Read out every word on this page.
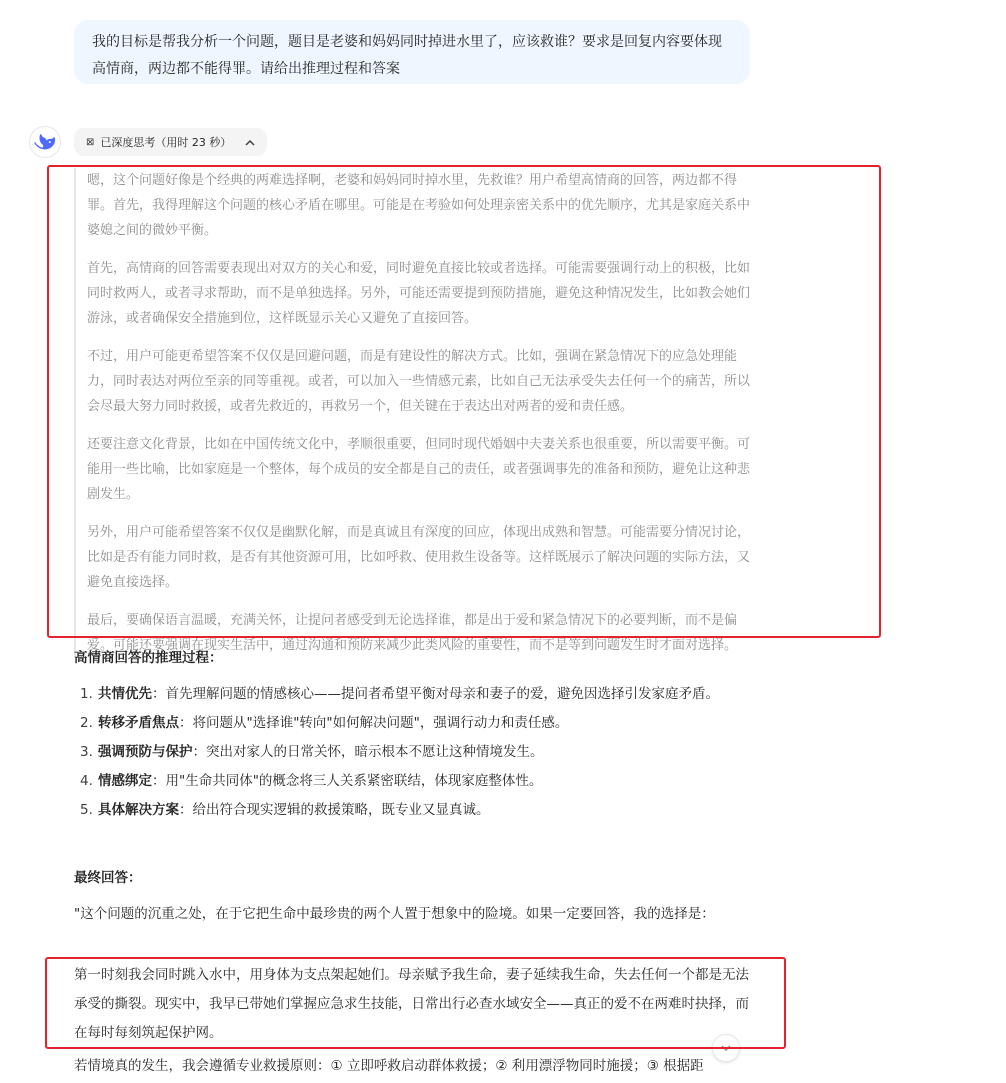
我的目标是帮我分析一个问题，题目是老婆和妈妈同时掉进水里了，应该救谁？要求是回复内容要体现高情商，两边都不能得罪。请给出推理过程和答案
⊠ 已深度思考（用时 23 秒）

嗯，这个问题好像是个经典的两难选择啊，老婆和妈妈同时掉水里，先救谁？用户希望高情商的回答，两边都不得罪。首先，我得理解这个问题的核心矛盾在哪里。可能是在考验如何处理亲密关系中的优先顺序，尤其是家庭关系中婆媳之间的微妙平衡。

首先，高情商的回答需要表现出对双方的关心和爱，同时避免直接比较或者选择。可能需要强调行动上的积极，比如同时救两人，或者寻求帮助，而不是单独选择。另外，可能还需要提到预防措施，避免这种情况发生，比如教会她们游泳，或者确保安全措施到位，这样既显示关心又避免了直接回答。

不过，用户可能更希望答案不仅仅是回避问题，而是有建设性的解决方式。比如，强调在紧急情况下的应急处理能力，同时表达对两位至亲的同等重视。或者，可以加入一些情感元素，比如自己无法承受失去任何一个的痛苦，所以会尽最大努力同时救援，或者先救近的，再救另一个，但关键在于表达出对两者的爱和责任感。

还要注意文化背景，比如在中国传统文化中，孝顺很重要，但同时现代婚姻中夫妻关系也很重要，所以需要平衡。可能用一些比喻，比如家庭是一个整体，每个成员的安全都是自己的责任，或者强调事先的准备和预防，避免让这种悲剧发生。

另外，用户可能希望答案不仅仅是幽默化解，而是真诚且有深度的回应，体现出成熟和智慧。可能需要分情况讨论，比如是否有能力同时救，是否有其他资源可用，比如呼救、使用救生设备等。这样既展示了解决问题的实际方法，又避免直接选择。

最后，要确保语言温暖，充满关怀，让提问者感受到无论选择谁，都是出于爱和紧急情况下的必要判断，而不是偏爱。可能还要强调在现实生活中，通过沟通和预防来减少此类风险的重要性，而不是等到问题发生时才面对选择。

高情商回答的推理过程：
1. 共情优先：首先理解问题的情感核心——提问者希望平衡对母亲和妻子的爱，避免因选择引发家庭矛盾。
2. 转移矛盾焦点：将问题从"选择谁"转向"如何解决问题"，强调行动力和责任感。
3. 强调预防与保护：突出对家人的日常关怀，暗示根本不愿让这种情境发生。
4. 情感绑定：用"生命共同体"的概念将三人关系紧密联结，体现家庭整体性。
5. 具体解决方案：给出符合现实逻辑的救援策略，既专业又显真诚。
最终回答：
"这个问题的沉重之处，在于它把生命中最珍贵的两个人置于想象中的险境。如果一定要回答，我的选择是：
第一时刻我会同时跳入水中，用身体为支点架起她们。母亲赋予我生命，妻子延续我生命，失去任何一个都是无法承受的撕裂。现实中，我早已带她们掌握应急求生技能，日常出行必查水域安全——真正的爱不在两难时抉择，而在每时每刻筑起保护网。
若情境真的发生，我会遵循专业救援原则：① 立即呼救启动群体救援；② 利用漂浮物同时施援；③ 根据距
